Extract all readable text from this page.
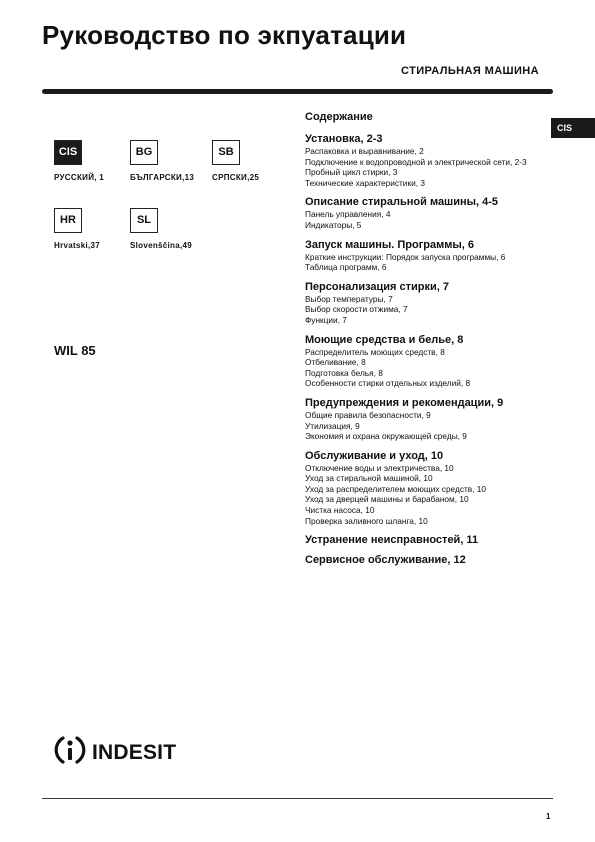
Руководство по экпуатации
СТИРАЛЬНАЯ МАШИНА
CIS
CIS
РУССКИЙ, 1
BG
БЪЛГАРСКИ,13
SB
СРПСКИ,25
HR
Hrvatski,37
SL
Slovenščina,49
WIL 85
Содержание
Установка, 2-3
Распаковка и выравнивание, 2
Подключение к водопроводной и электрической сети, 2-3
Пробный цикл стирки, 3
Технические характеристики, 3
Описание стиральной машины, 4-5
Панель управления, 4
Индикаторы, 5
Запуск машины. Программы, 6
Краткие инструкции: Порядок запуска программы, 6
Таблица программ, 6
Персонализация стирки, 7
Выбор температуры, 7
Выбор скорости отжима, 7
Функции, 7
Моющие средства и белье, 8
Распределитель моющих средств, 8
Отбеливание, 8
Подготовка белья, 8
Особенности стирки отдельных изделий, 8
Предупреждения и рекомендации, 9
Общие правила безопасности, 9
Утилизация, 9
Экономия и охрана окружающей среды, 9
Обслуживание и уход, 10
Отключение воды и электричества, 10
Уход за стиральной машиной, 10
Уход за распределителем моющих средств, 10
Уход за дверцей машины и барабаном, 10
Чистка насоса, 10
Проверка заливного шланга, 10
Устранение неисправностей, 11
Сервисное обслуживание, 12
INDESIT
1
